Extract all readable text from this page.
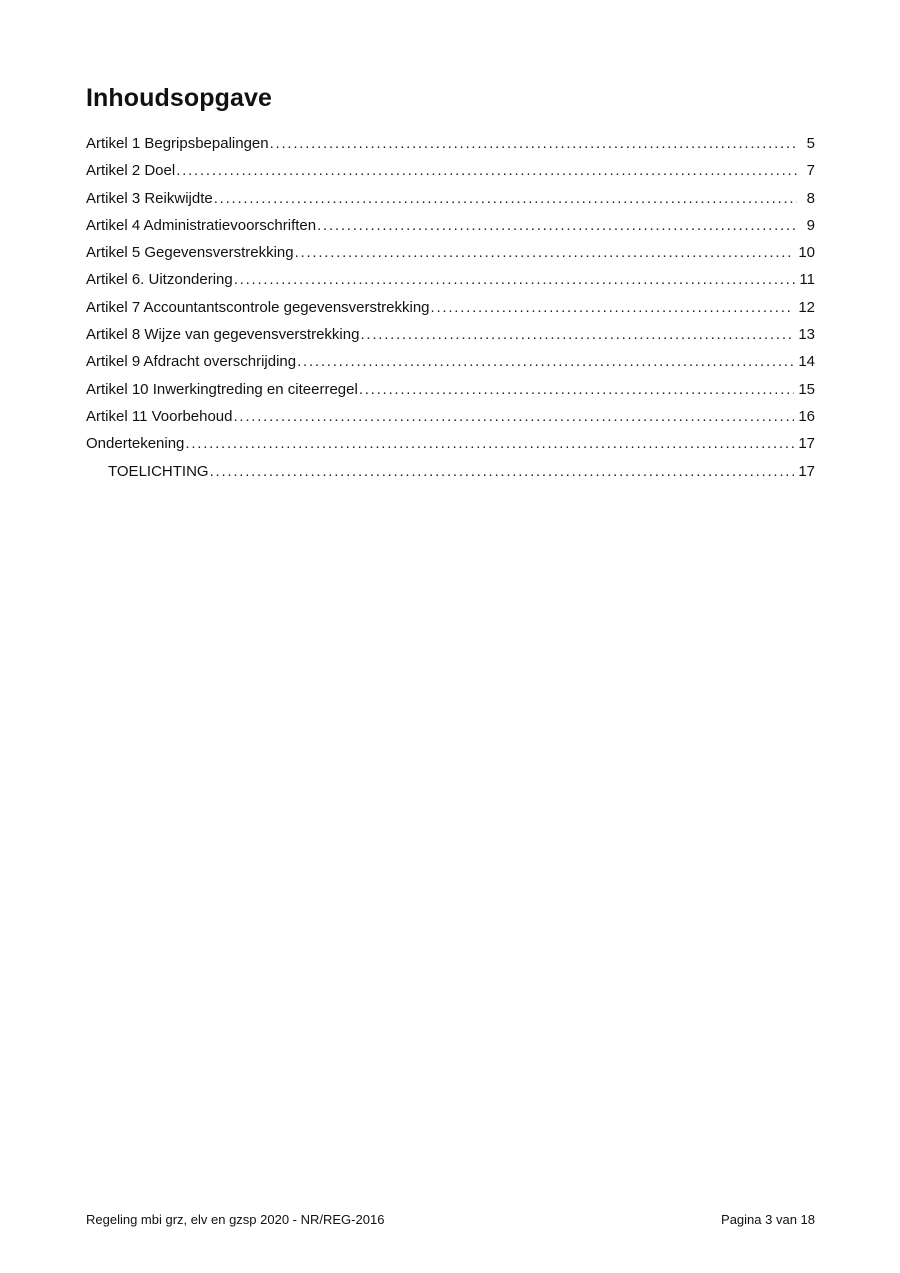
Inhoudsopgave
Artikel 1 Begripsbepalingen . . .	5
Artikel 2 Doel . . .	7
Artikel 3 Reikwijdte . . .	8
Artikel 4 Administratievoorschriften . . .	9
Artikel 5 Gegevensverstrekking . . .	10
Artikel 6. Uitzondering . . .	11
Artikel 7 Accountantscontrole gegevensverstrekking . . .	12
Artikel 8 Wijze van gegevensverstrekking . . .	13
Artikel 9 Afdracht overschrijding . . .	14
Artikel 10 Inwerkingtreding en citeerregel . . .	15
Artikel 11 Voorbehoud . . .	16
Ondertekening . . .	17
TOELICHTING . . .	17
Regeling mbi grz, elv en gzsp 2020 - NR/REG-2016	Pagina 3 van 18
